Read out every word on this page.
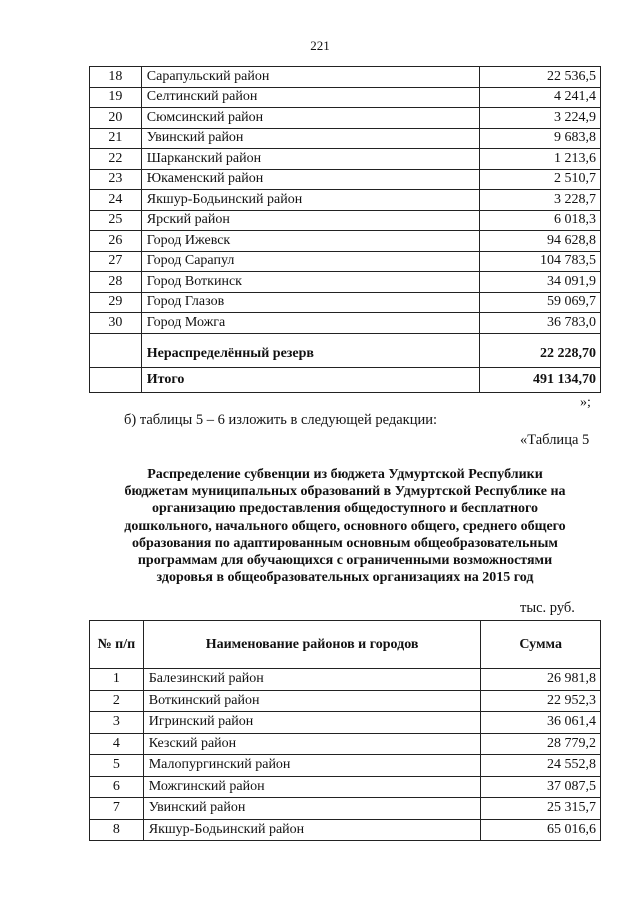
221
18	Сарапульский район	22 536,5
19	Селтинский район	4 241,4
20	Сюмсинский район	3 224,9
21	Увинский район	9 683,8
22	Шарканский район	1 213,6
23	Юкаменский район	2 510,7
24	Якшур-Бодьинский район	3 228,7
25	Ярский район	6 018,3
26	Город Ижевск	94 628,8
27	Город Сарапул	104 783,5
28	Город Воткинск	34 091,9
29	Город Глазов	59 069,7
30	Город Можга	36 783,0
	Нераспределённый резерв	22 228,70
	Итого	491 134,70
»;
б) таблицы 5 – 6 изложить в следующей редакции:
«Таблица 5
Распределение субвенции из бюджета Удмуртской Республики
бюджетам муниципальных образований в Удмуртской Республике на
организацию предоставления общедоступного и бесплатного
дошкольного, начального общего, основного общего, среднего общего
образования по адаптированным основным общеобразовательным
программам для обучающихся с ограниченными возможностями
здоровья в общеобразовательных организациях на 2015 год
тыс. руб.
№ п/п	Наименование районов и городов	Сумма
1	Балезинский район	26 981,8
2	Воткинский район	22 952,3
3	Игринский район	36 061,4
4	Кезский район	28 779,2
5	Малопургинский район	24 552,8
6	Можгинский район	37 087,5
7	Увинский район	25 315,7
8	Якшур-Бодьинский район	65 016,6
